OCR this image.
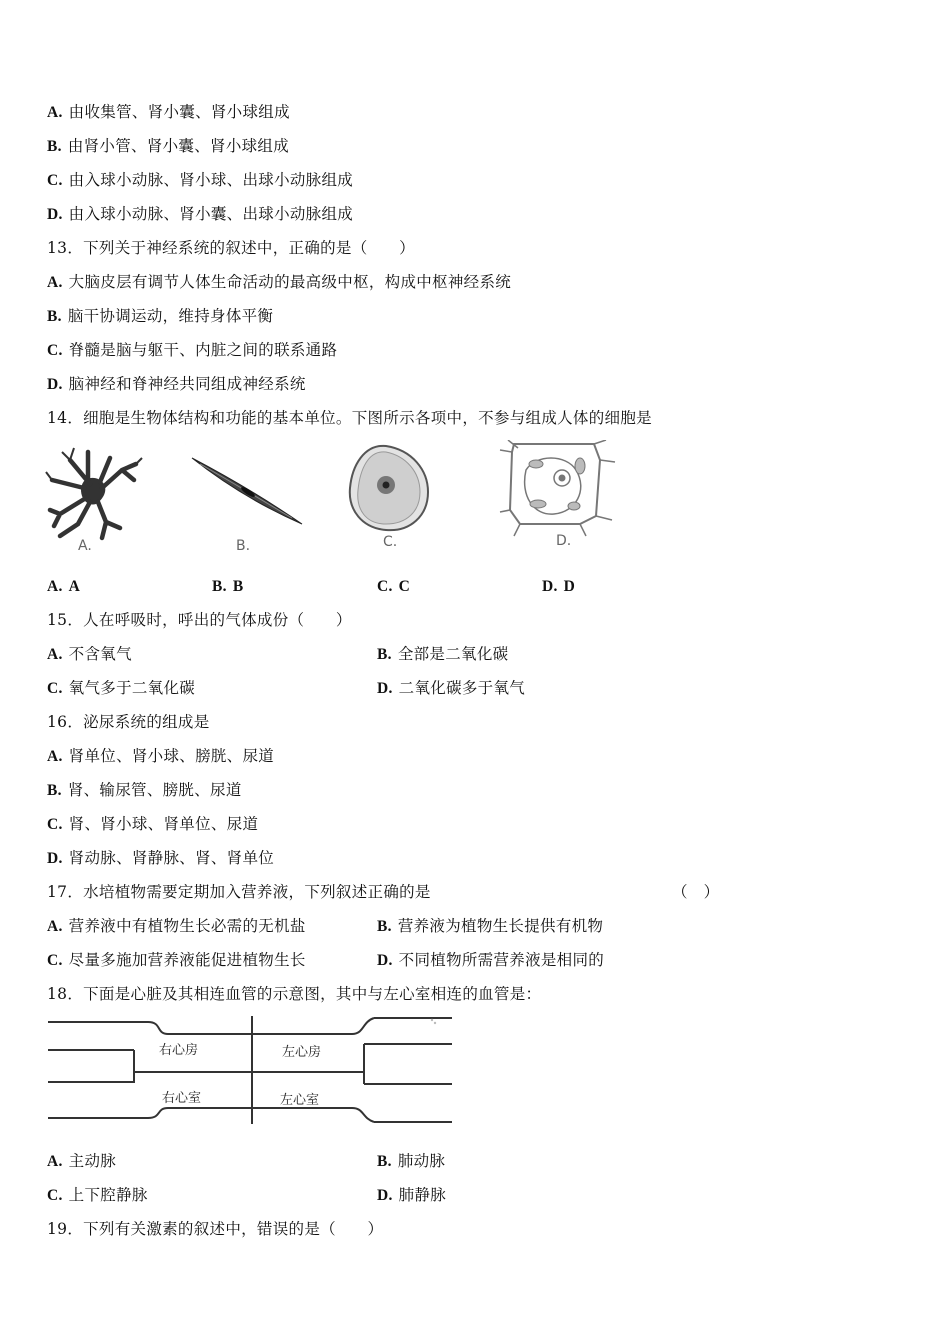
A. 由收集管、肾小囊、肾小球组成
B. 由肾小管、肾小囊、肾小球组成
C. 由入球小动脉、肾小球、出球小动脉组成
D. 由入球小动脉、肾小囊、出球小动脉组成
13．下列关于神经系统的叙述中，正确的是（　　）
A. 大脑皮层有调节人体生命活动的最高级中枢，构成中枢神经系统
B. 脑干协调运动，维持身体平衡
C. 脊髓是脑与躯干、内脏之间的联系通路
D. 脑神经和脊神经共同组成神经系统
14．细胞是生物体结构和功能的基本单位。下图所示各项中，不参与组成人体的细胞是
A.	B.	C.	D.
A. A	B. B	C. C	D. D
15．人在呼吸时，呼出的气体成份（　　）
A. 不含氧气	B. 全部是二氧化碳
C. 氧气多于二氧化碳	D. 二氧化碳多于氧气
16．泌尿系统的组成是
A. 肾单位、肾小球、膀胱、尿道
B. 肾、输尿管、膀胱、尿道
C. 肾、肾小球、肾单位、尿道
D. 肾动脉、肾静脉、肾、肾单位
17．水培植物需要定期加入营养液，下列叙述正确的是	（　）
A. 营养液中有植物生长必需的无机盐	B. 营养液为植物生长提供有机物
C. 尽量多施加营养液能促进植物生长	D. 不同植物所需营养液是相同的
18．下面是心脏及其相连血管的示意图，其中与左心室相连的血管是：
右心房	左心房
右心室	左心室
A. 主动脉	B. 肺动脉
C. 上下腔静脉	D. 肺静脉
19．下列有关激素的叙述中，错误的是（　　）
